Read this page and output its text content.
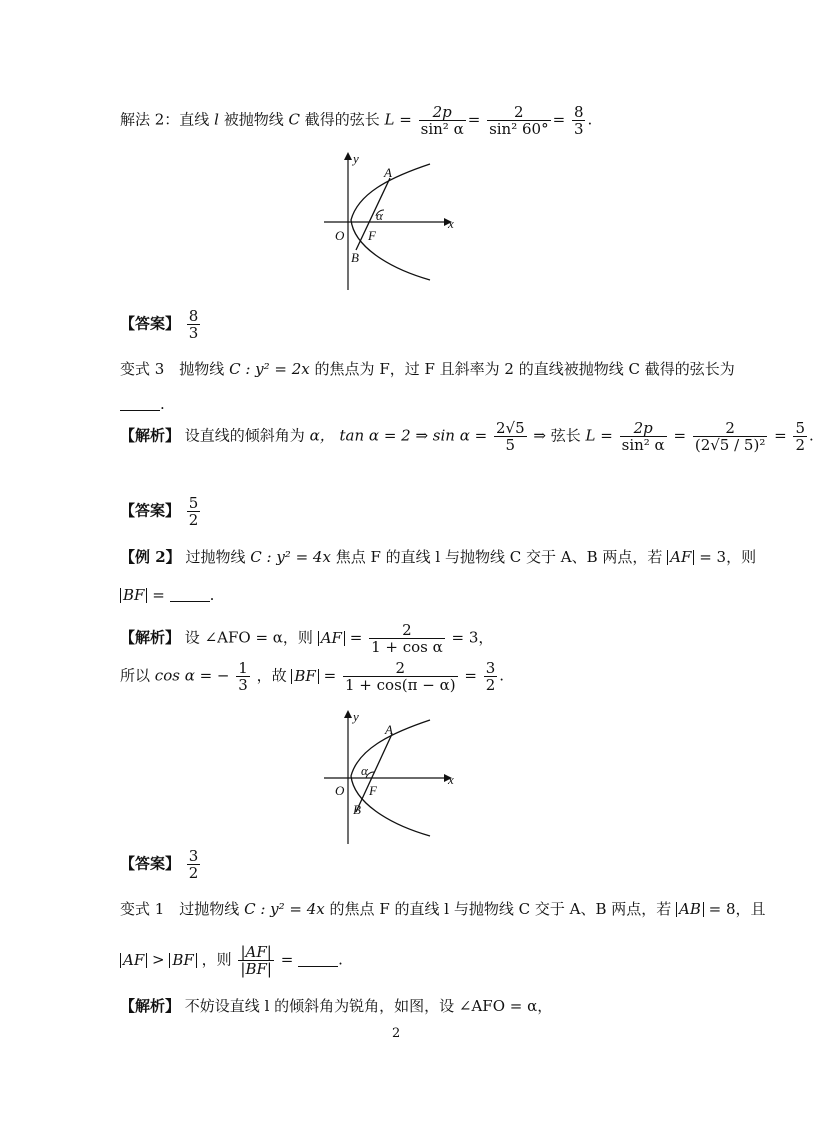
解法 2：直线 l 被抛物线 C 截得的弦长 $L = \frac{2p}{\text{sin² α}} = \frac{2}{\text{sin² 60°}} = \frac{8}{3}$ .
y
x
A
B
O F
α
【答案】 $\frac{8}{3}$
变式 3　抛物线 C : y² = 2x 的焦点为 F，过 F 且斜率为 2 的直线被抛物线 C 截得的弦长为
.
【解析】 设直线的倾斜角为 α， tan α = 2 ⇒ $\sin \alpha = \frac{2√5}{5}$ ⇒ 弦长 $L = \frac{2p}{\text{sin² α}} = \frac{2}{\text{(2√5 / 5)²}} = \frac{5}{2}$ .
【答案】 $\frac{5}{2}$
【例 2】 过抛物线 C : y² = 4x 焦点 F 的直线 l 与抛物线 C 交于 A、B 两点，若 AF = 3，则
BF =	.
【解析】 设 ∠AFO = α，则 AF = $\frac{2}{\text{1 + cos α}} = 3$，
所以 cos α = − $\frac{1}{3}$ ，故 BF = $\frac{2}{1 + \cos(\pi - \alpha)} = \frac{3}{2}$ .
y
x
A
B
O F
α
【答案】 $\frac{3}{2}$
变式 1　过抛物线 C : y² = 4x 的焦点 F 的直线 l 与抛物线 C 交于 A、B 两点，若 AB = 8，且
AF > BF ，则 $\frac{|AF|}{|BF|}$ =	.
【解析】 不妨设直线 l 的倾斜角为锐角，如图，设 ∠AFO = α，
2
